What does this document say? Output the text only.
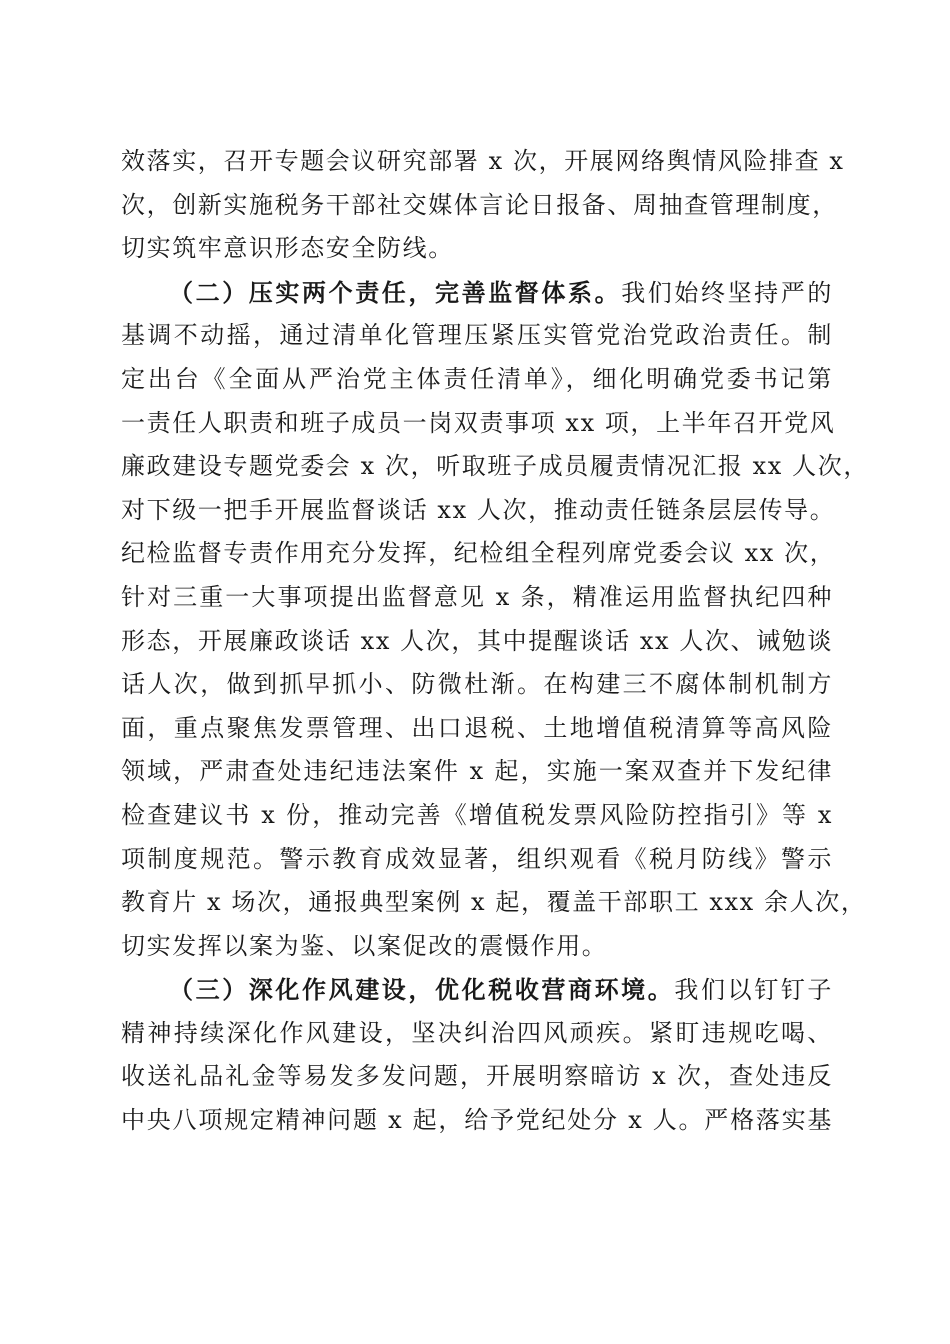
效落实，召开专题会议研究部署 x 次，开展网络舆情风险排查 x
次，创新实施税务干部社交媒体言论日报备、周抽查管理制度，
切实筑牢意识形态安全防线。
（二）压实两个责任，完善监督体系。我们始终坚持严的
基调不动摇，通过清单化管理压紧压实管党治党政治责任。制
定出台《全面从严治党主体责任清单》，细化明确党委书记第
一责任人职责和班子成员一岗双责事项 xx 项，上半年召开党风
廉政建设专题党委会 x 次，听取班子成员履责情况汇报 xx 人次，
对下级一把手开展监督谈话 xx 人次，推动责任链条层层传导。
纪检监督专责作用充分发挥，纪检组全程列席党委会议 xx 次，
针对三重一大事项提出监督意见 x 条，精准运用监督执纪四种
形态，开展廉政谈话 xx 人次，其中提醒谈话 xx 人次、诫勉谈
话人次，做到抓早抓小、防微杜渐。在构建三不腐体制机制方
面，重点聚焦发票管理、出口退税、土地增值税清算等高风险
领域，严肃查处违纪违法案件 x 起，实施一案双查并下发纪律
检查建议书 x 份，推动完善《增值税发票风险防控指引》等 x
项制度规范。警示教育成效显著，组织观看《税月防线》警示
教育片 x 场次，通报典型案例 x 起，覆盖干部职工 xxx 余人次，
切实发挥以案为鉴、以案促改的震慑作用。
（三）深化作风建设，优化税收营商环境。我们以钉钉子
精神持续深化作风建设，坚决纠治四风顽疾。紧盯违规吃喝、
收送礼品礼金等易发多发问题，开展明察暗访 x 次，查处违反
中央八项规定精神问题 x 起，给予党纪处分 x 人。严格落实基
